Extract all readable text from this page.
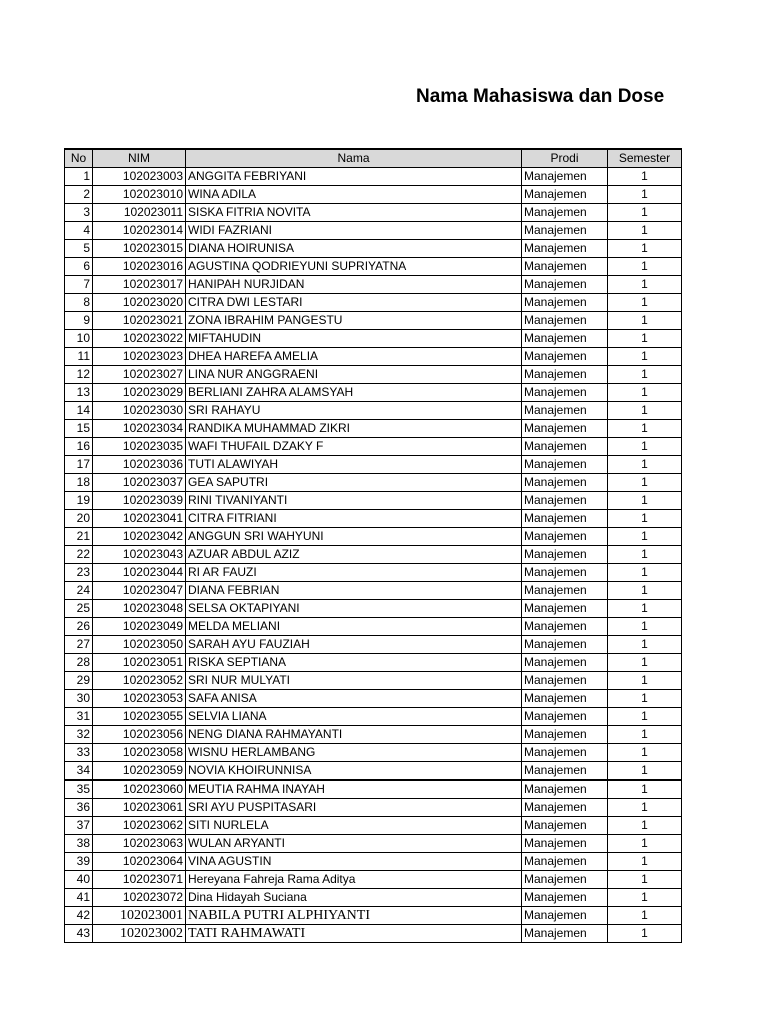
Nama Mahasiswa dan Dose
No	NIM	Nama	Prodi	Semester
1	102023003	ANGGITA FEBRIYANI	Manajemen	1
2	102023010	WINA ADILA	Manajemen	1
3	102023011	SISKA FITRIA NOVITA	Manajemen	1
4	102023014	WIDI FAZRIANI	Manajemen	1
5	102023015	DIANA HOIRUNISA	Manajemen	1
6	102023016	AGUSTINA QODRIEYUNI SUPRIYATNA	Manajemen	1
7	102023017	HANIPAH NURJIDAN	Manajemen	1
8	102023020	CITRA DWI LESTARI	Manajemen	1
9	102023021	ZONA IBRAHIM PANGESTU	Manajemen	1
10	102023022	MIFTAHUDIN	Manajemen	1
11	102023023	DHEA HAREFA AMELIA	Manajemen	1
12	102023027	LINA NUR ANGGRAENI	Manajemen	1
13	102023029	BERLIANI ZAHRA ALAMSYAH	Manajemen	1
14	102023030	SRI RAHAYU	Manajemen	1
15	102023034	RANDIKA MUHAMMAD ZIKRI	Manajemen	1
16	102023035	WAFI THUFAIL DZAKY F	Manajemen	1
17	102023036	TUTI ALAWIYAH	Manajemen	1
18	102023037	GEA SAPUTRI	Manajemen	1
19	102023039	RINI TIVANIYANTI	Manajemen	1
20	102023041	CITRA FITRIANI	Manajemen	1
21	102023042	ANGGUN SRI WAHYUNI	Manajemen	1
22	102023043	AZUAR ABDUL AZIZ	Manajemen	1
23	102023044	RI AR FAUZI	Manajemen	1
24	102023047	DIANA FEBRIAN	Manajemen	1
25	102023048	SELSA OKTAPIYANI	Manajemen	1
26	102023049	MELDA MELIANI	Manajemen	1
27	102023050	SARAH AYU FAUZIAH	Manajemen	1
28	102023051	RISKA SEPTIANA	Manajemen	1
29	102023052	SRI NUR MULYATI	Manajemen	1
30	102023053	SAFA ANISA	Manajemen	1
31	102023055	SELVIA LIANA	Manajemen	1
32	102023056	NENG DIANA RAHMAYANTI	Manajemen	1
33	102023058	WISNU HERLAMBANG	Manajemen	1
34	102023059	NOVIA KHOIRUNNISA	Manajemen	1
35	102023060	MEUTIA RAHMA INAYAH	Manajemen	1
36	102023061	SRI AYU PUSPITASARI	Manajemen	1
37	102023062	SITI NURLELA	Manajemen	1
38	102023063	WULAN ARYANTI	Manajemen	1
39	102023064	VINA AGUSTIN	Manajemen	1
40	102023071	Hereyana Fahreja Rama Aditya	Manajemen	1
41	102023072	Dina Hidayah Suciana	Manajemen	1
42	102023001	NABILA PUTRI ALPHIYANTI	Manajemen	1
43	102023002	TATI RAHMAWATI	Manajemen	1
